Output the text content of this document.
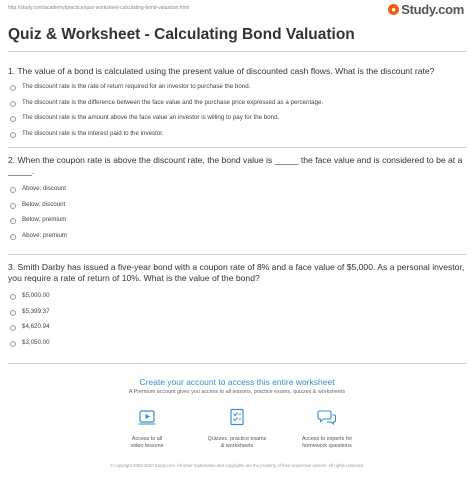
http://study.com/academy/practice/quiz-worksheet-calculating-bond-valuation.html	● Study.com
Quiz & Worksheet - Calculating Bond Valuation
1. The value of a bond is calculated using the present value of discounted cash flows. What is the discount rate?
The discount rate is the rate of return required for an investor to purchase the bond.
The discount rate is the difference between the face value and the purchase price expressed as a percentage.
The discount rate is the amount above the face value an investor is willing to pay for the bond.
The discount rate is the interest paid to the investor.
2. When the coupon rate is above the discount rate, the bond value is _____ the face value and is considered to be at a _____.
Above; discount
Below; discount
Below; premium
Above; premium
3. Smith Darby has issued a five-year bond with a coupon rate of 8% and a face value of $5,000. As a personal investor, you require a rate of return of 10%. What is the value of the bond?
$5,000.00
$5,399.37
$4,620.94
$3,050.00
Create your account to access this entire worksheet
A Premium account gives you access to all lessons, practice exams, quizzes & worksheets
Access to all
video lessons
Quizzes, practice exams
& worksheets
Access to experts for
homework questions
© copyright 2003-2020 Study.com. All other trademarks and copyrights are the property of their respective owners. All rights reserved.
